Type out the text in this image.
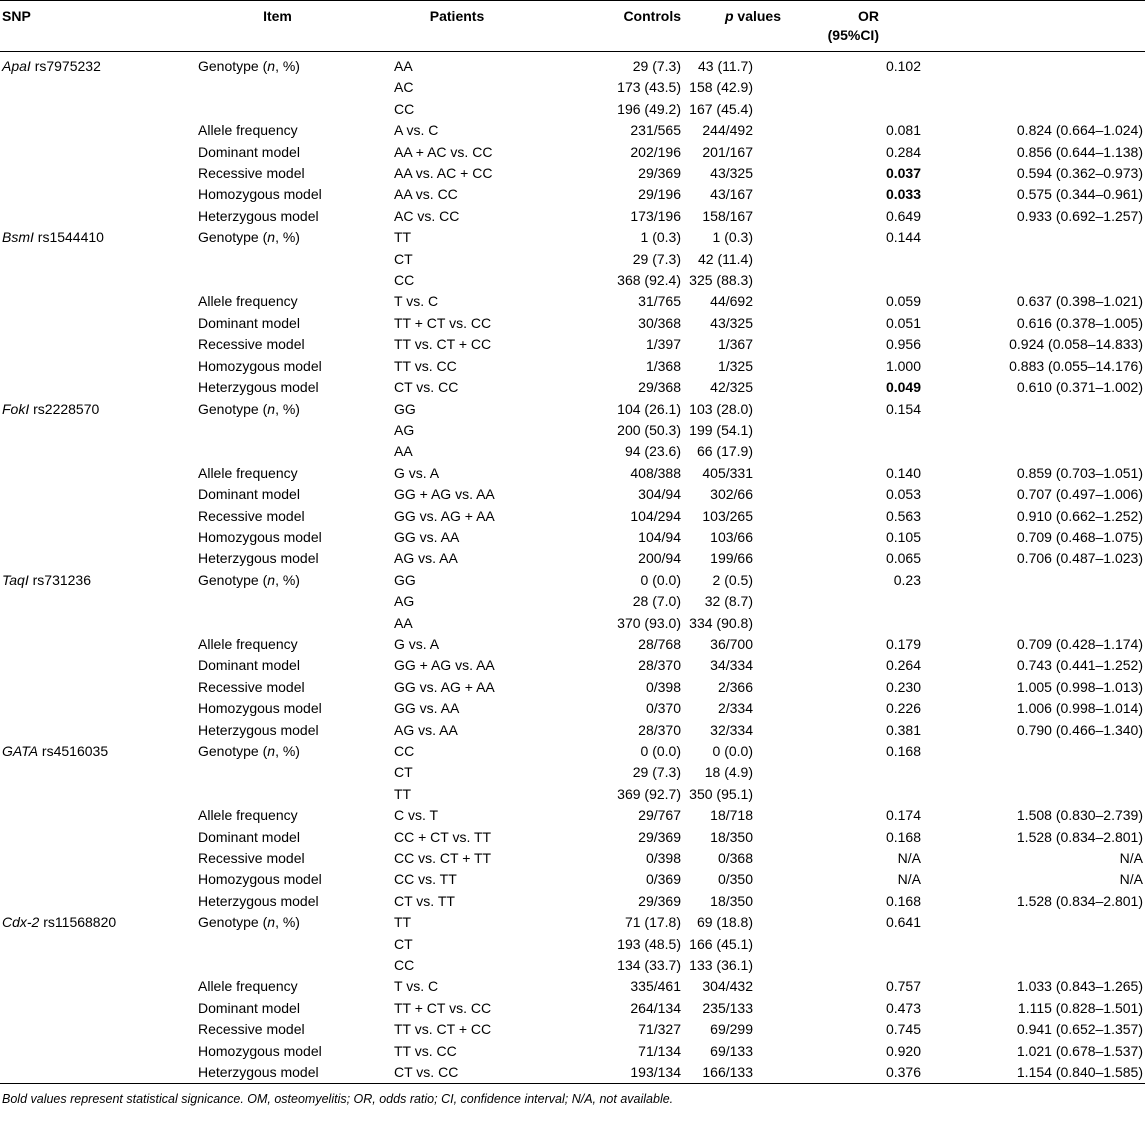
SNP	Item	Patients	Controls	p values	OR
(95%CI)	
ApaI rs7975232	Genotype (n, %)	AA	29 (7.3)	43 (11.7)	0.102	
		AC	173 (43.5)	158 (42.9)		
		CC	196 (49.2)	167 (45.4)		
	Allele frequency	A vs. C	231/565	244/492	0.081	0.824 (0.664–1.024)
	Dominant model	AA + AC vs. CC	202/196	201/167	0.284	0.856 (0.644–1.138)
	Recessive model	AA vs. AC + CC	29/369	43/325	0.037	0.594 (0.362–0.973)
	Homozygous model	AA vs. CC	29/196	43/167	0.033	0.575 (0.344–0.961)
	Heterzygous model	AC vs. CC	173/196	158/167	0.649	0.933 (0.692–1.257)
BsmI rs1544410	Genotype (n, %)	TT	1 (0.3)	1 (0.3)	0.144	
		CT	29 (7.3)	42 (11.4)		
		CC	368 (92.4)	325 (88.3)		
	Allele frequency	T vs. C	31/765	44/692	0.059	0.637 (0.398–1.021)
	Dominant model	TT + CT vs. CC	30/368	43/325	0.051	0.616 (0.378–1.005)
	Recessive model	TT vs. CT + CC	1/397	1/367	0.956	0.924 (0.058–14.833)
	Homozygous model	TT vs. CC	1/368	1/325	1.000	0.883 (0.055–14.176)
	Heterzygous model	CT vs. CC	29/368	42/325	0.049	0.610 (0.371–1.002)
FokI rs2228570	Genotype (n, %)	GG	104 (26.1)	103 (28.0)	0.154	
		AG	200 (50.3)	199 (54.1)		
		AA	94 (23.6)	66 (17.9)		
	Allele frequency	G vs. A	408/388	405/331	0.140	0.859 (0.703–1.051)
	Dominant model	GG + AG vs. AA	304/94	302/66	0.053	0.707 (0.497–1.006)
	Recessive model	GG vs. AG + AA	104/294	103/265	0.563	0.910 (0.662–1.252)
	Homozygous model	GG vs. AA	104/94	103/66	0.105	0.709 (0.468–1.075)
	Heterzygous model	AG vs. AA	200/94	199/66	0.065	0.706 (0.487–1.023)
TaqI rs731236	Genotype (n, %)	GG	0 (0.0)	2 (0.5)	0.23	
		AG	28 (7.0)	32 (8.7)		
		AA	370 (93.0)	334 (90.8)		
	Allele frequency	G vs. A	28/768	36/700	0.179	0.709 (0.428–1.174)
	Dominant model	GG + AG vs. AA	28/370	34/334	0.264	0.743 (0.441–1.252)
	Recessive model	GG vs. AG + AA	0/398	2/366	0.230	1.005 (0.998–1.013)
	Homozygous model	GG vs. AA	0/370	2/334	0.226	1.006 (0.998–1.014)
	Heterzygous model	AG vs. AA	28/370	32/334	0.381	0.790 (0.466–1.340)
GATA rs4516035	Genotype (n, %)	CC	0 (0.0)	0 (0.0)	0.168	
		CT	29 (7.3)	18 (4.9)		
		TT	369 (92.7)	350 (95.1)		
	Allele frequency	C vs. T	29/767	18/718	0.174	1.508 (0.830–2.739)
	Dominant model	CC + CT vs. TT	29/369	18/350	0.168	1.528 (0.834–2.801)
	Recessive model	CC vs. CT + TT	0/398	0/368	N/A	N/A
	Homozygous model	CC vs. TT	0/369	0/350	N/A	N/A
	Heterzygous model	CT vs. TT	29/369	18/350	0.168	1.528 (0.834–2.801)
Cdx-2 rs11568820	Genotype (n, %)	TT	71 (17.8)	69 (18.8)	0.641	
		CT	193 (48.5)	166 (45.1)		
		CC	134 (33.7)	133 (36.1)		
	Allele frequency	T vs. C	335/461	304/432	0.757	1.033 (0.843–1.265)
	Dominant model	TT + CT vs. CC	264/134	235/133	0.473	1.115 (0.828–1.501)
	Recessive model	TT vs. CT + CC	71/327	69/299	0.745	0.941 (0.652–1.357)
	Homozygous model	TT vs. CC	71/134	69/133	0.920	1.021 (0.678–1.537)
	Heterzygous model	CT vs. CC	193/134	166/133	0.376	1.154 (0.840–1.585)
Bold values represent statistical signicance. OM, osteomyelitis; OR, odds ratio; CI, confidence interval; N/A, not available.
